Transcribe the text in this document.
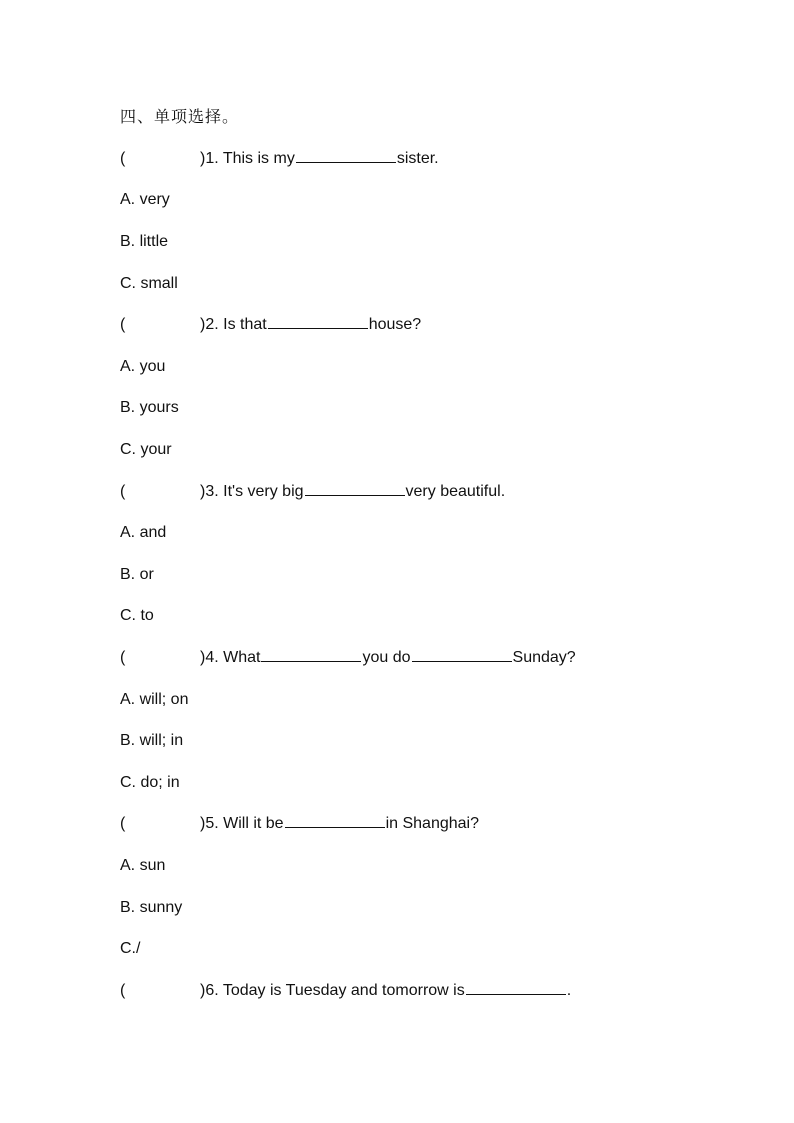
四、单项选择。
(	)1. This is my	sister.
A. very
B. little
C. small
(	)2. Is that	house?
A. you
B. yours
C. your
(	)3. It's very big	very beautiful.
A. and
B. or
C. to
(	)4. What	you do	Sunday?
A. will; on
B. will; in
C. do; in
(	)5. Will it be	in Shanghai?
A. sun
B. sunny
C./
(	)6. Today is Tuesday and tomorrow is	.
